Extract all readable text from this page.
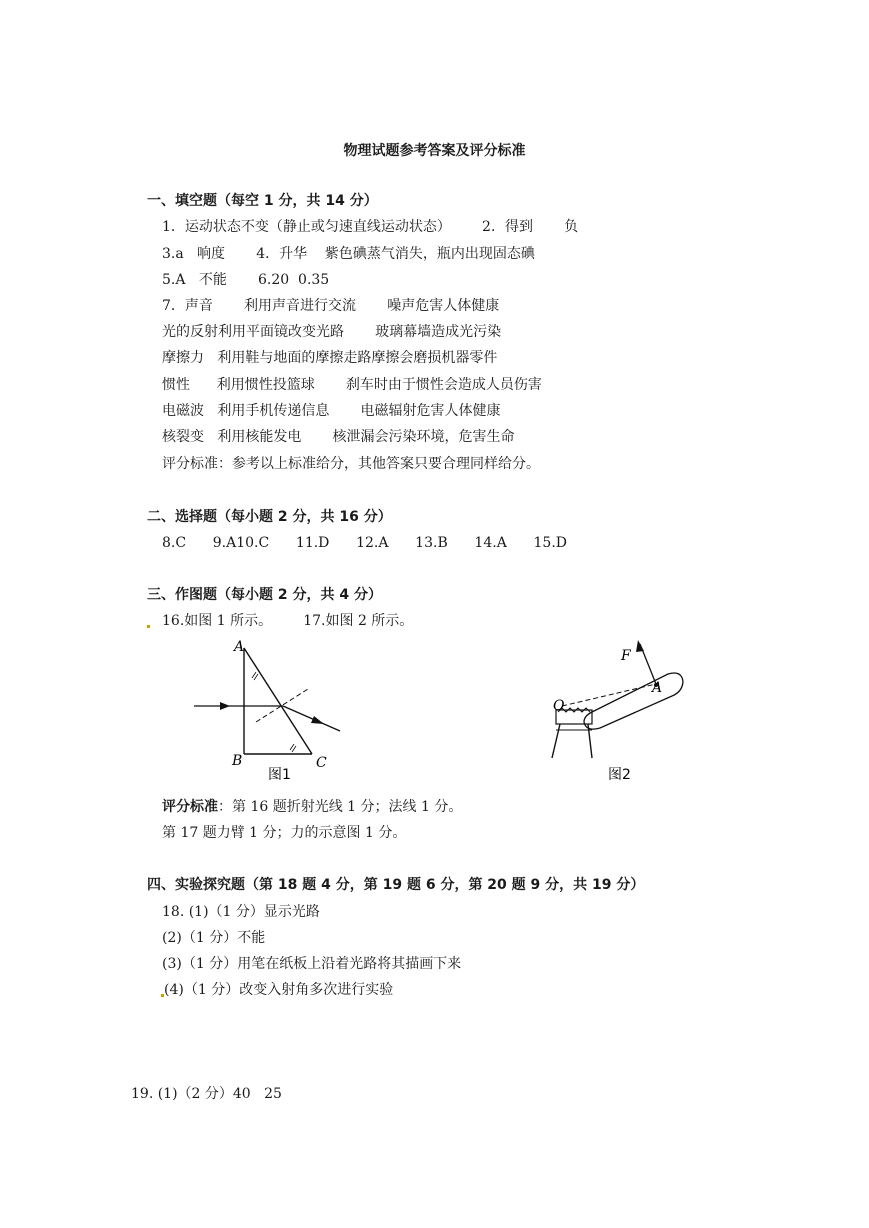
物理试题参考答案及评分标准
一、填空题（每空 1 分，共 14 分）
1．运动状态不变（静止或匀速直线运动状态）       2．得到       负
3.a   响度       4．升华    紫色碘蒸气消失，瓶内出现固态碘
5.A   不能       6.20  0.35
7．声音       利用声音进行交流       噪声危害人体健康
光的反射利用平面镜改变光路       玻璃幕墙造成光污染
摩擦力   利用鞋与地面的摩擦走路摩擦会磨损机器零件
惯性      利用惯性投篮球       刹车时由于惯性会造成人员伤害
电磁波   利用手机传递信息       电磁辐射危害人体健康
核裂变   利用核能发电       核泄漏会污染环境，危害生命
评分标准：参考以上标准给分，其他答案只要合理同样给分。
二、选择题（每小题 2 分，共 16 分）
8.C      9.A10.C      11.D      12.A      13.B      14.A      15.D
三、作图题（每小题 2 分，共 4 分）
16.如图 1 所示。       17.如图 2 所示。
A
B	C
图1
F
O
A
图2
评分标准：第 16 题折射光线 1 分；法线 1 分。
第 17 题力臂 1 分；力的示意图 1 分。
四、实验探究题（第 18 题 4 分，第 19 题 6 分，第 20 题 9 分，共 19 分）
18. (1)（1 分）显示光路
(2)（1 分）不能
(3)（1 分）用笔在纸板上沿着光路将其描画下来
(4)（1 分）改变入射角多次进行实验
19. (1)（2 分）40   25
